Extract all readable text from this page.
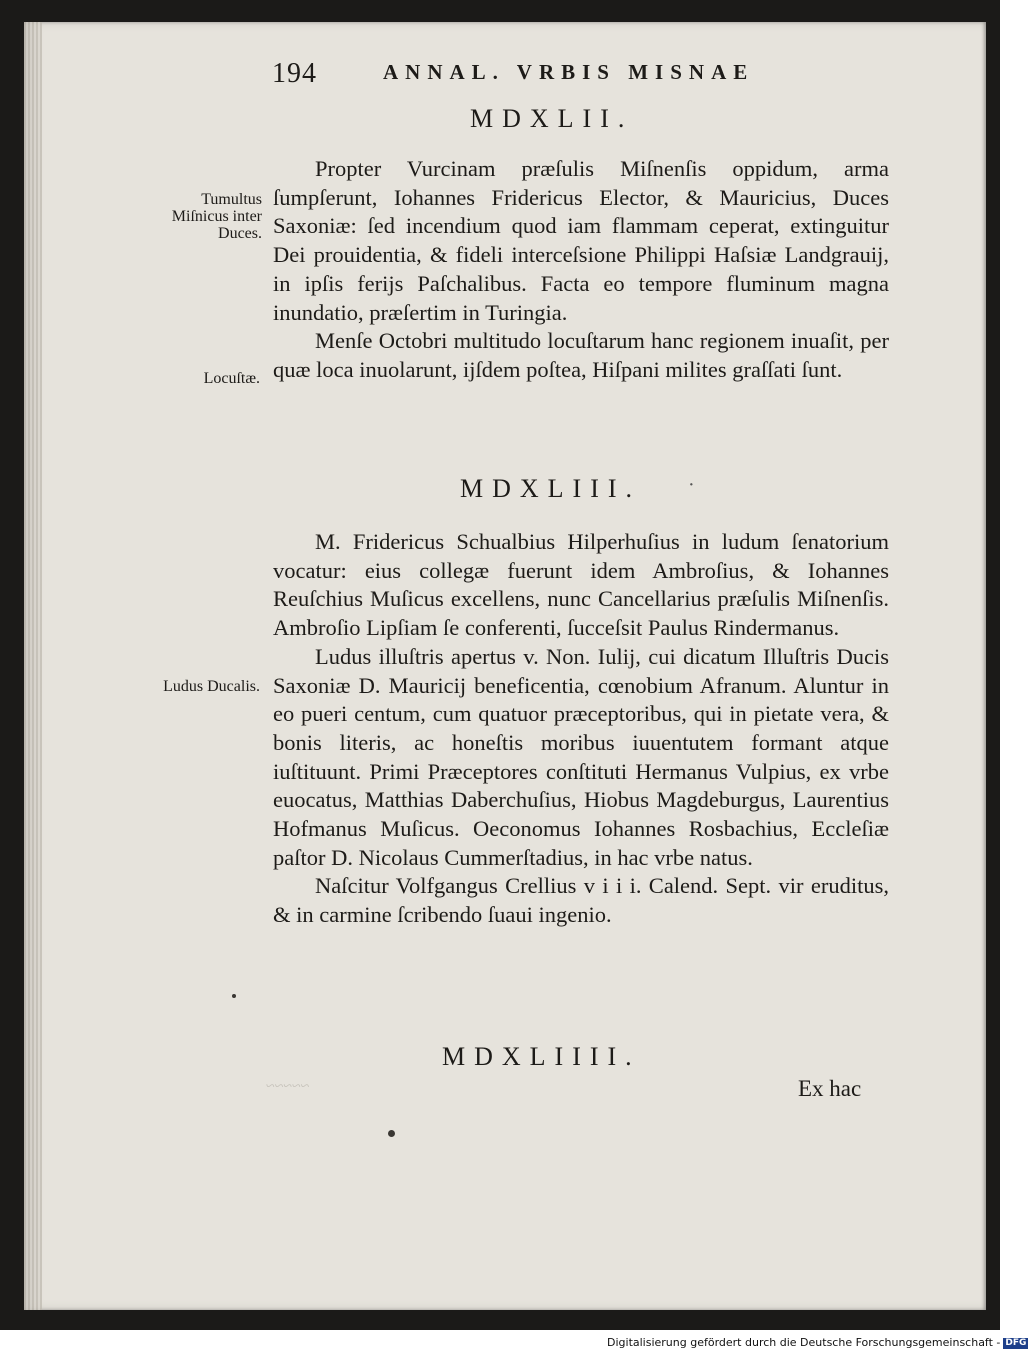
194	ANNAL. VRBIS MISNAE
MDXLII.

Propter Vurcinam præſulis Miſnenſis oppidum, arma ſumpſerunt, Iohannes Fridericus Elector, & Mauricius, Duces Saxoniæ: ſed incendium quod iam flammam ceperat, extinguitur Dei prouidentia, & fideli interceſsione Philippi Haſsiæ Landgrauij, in ipſis ferijs Paſchalibus. Facta eo tempore fluminum magna inundatio, præſertim in Turingia.

Menſe Octobri multitudo locuſtarum hanc regionem inuaſit, per quæ loca inuolarunt, ijſdem poſtea, Hiſpani milites graſſati ſunt.

MDXLIII. ·

M. Fridericus Schualbius Hilperhuſius in ludum ſenatorium vocatur: eius collegæ fuerunt idem Ambroſius, & Iohannes Reuſchius Muſicus excellens, nunc Cancellarius præſulis Miſnenſis. Ambroſio Lipſiam ſe conferenti, ſucceſsit Paulus Rindermanus.

Ludus illuſtris apertus v. Non. Iulij, cui dicatum Illuſtris Ducis Saxoniæ D. Mauricij beneficentia, cœnobium Afranum. Aluntur in eo pueri centum, cum quatuor præceptoribus, qui in pietate vera, & bonis literis, ac honeſtis moribus iuuentutem formant atque iuſtituunt. Primi Præceptores conſtituti Hermanus Vulpius, ex vrbe euocatus, Matthias Daberchuſius, Hiobus Magdeburgus, Laurentius Hofmanus Muſicus. Oeconomus Iohannes Rosbachius, Eccleſiæ paſtor D. Nicolaus Cummerſtadius, in hac vrbe natus.

Naſcitur Volfgangus Crellius v i i i. Calend. Sept. vir eruditus, & in carmine ſcribendo ſuaui ingenio.

MDXLIIII.
Ex hac
Tumultus Miſnicus inter Duces.
Locuſtæ.
Ludus Ducalis.
~~~~~
Digitalisierung gefördert durch die Deutsche Forschungsgemeinschaft - DFG
